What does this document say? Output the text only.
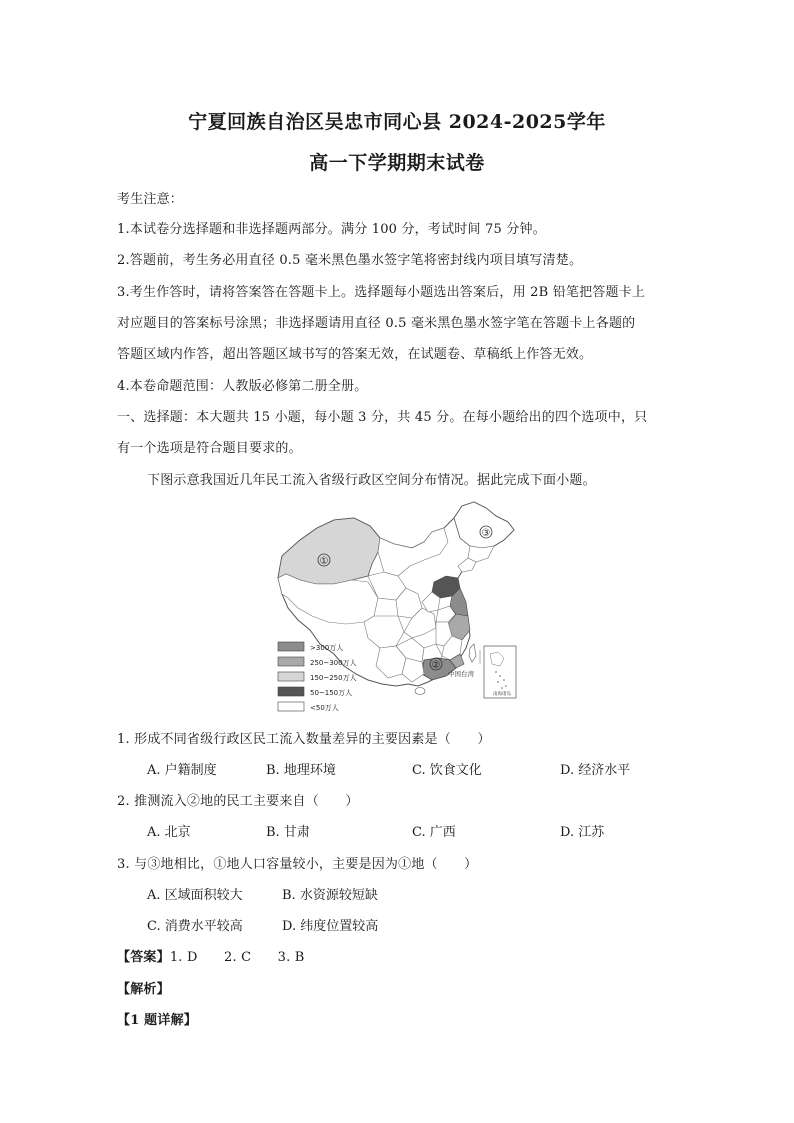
宁夏回族自治区吴忠市同心县 2024-2025学年
高一下学期期末试卷
考生注意：
1.本试卷分选择题和非选择题两部分。满分 100 分，考试时间 75 分钟。
2.答题前，考生务必用直径 0.5 毫米黑色墨水签字笔将密封线内项目填写清楚。
3.考生作答时，请将答案答在答题卡上。选择题每小题选出答案后，用 2B 铅笔把答题卡上
对应题目的答案标号涂黑；非选择题请用直径 0.5 毫米黑色墨水签字笔在答题卡上各题的
答题区域内作答，超出答题区域书写的答案无效，在试题卷、草稿纸上作答无效。
4.本卷命题范围：人教版必修第二册全册。
一、选择题：本大题共 15 小题，每小题 3 分，共 45 分。在每小题给出的四个选项中，只
有一个选项是符合题目要求的。
下图示意我国近几年民工流入省级行政区空间分布情况。据此完成下面小题。
①
③
②
中国台湾
南海诸岛
>300万人
250~300万人
150~250万人
50~150万人
<50万人
1. 形成不同省级行政区民工流入数量差异的主要因素是（　　）
A. 户籍制度	B. 地理环境	C. 饮食文化	D. 经济水平
2. 推测流入②地的民工主要来自（　　）
A. 北京	B. 甘肃	C. 广西	D. 江苏
3. 与③地相比，①地人口容量较小，主要是因为①地（　　）
A. 区域面积较大	B. 水资源较短缺
C. 消费水平较高	D. 纬度位置较高
【答案】1. D　　2. C　　3. B
【解析】
【1 题详解】
